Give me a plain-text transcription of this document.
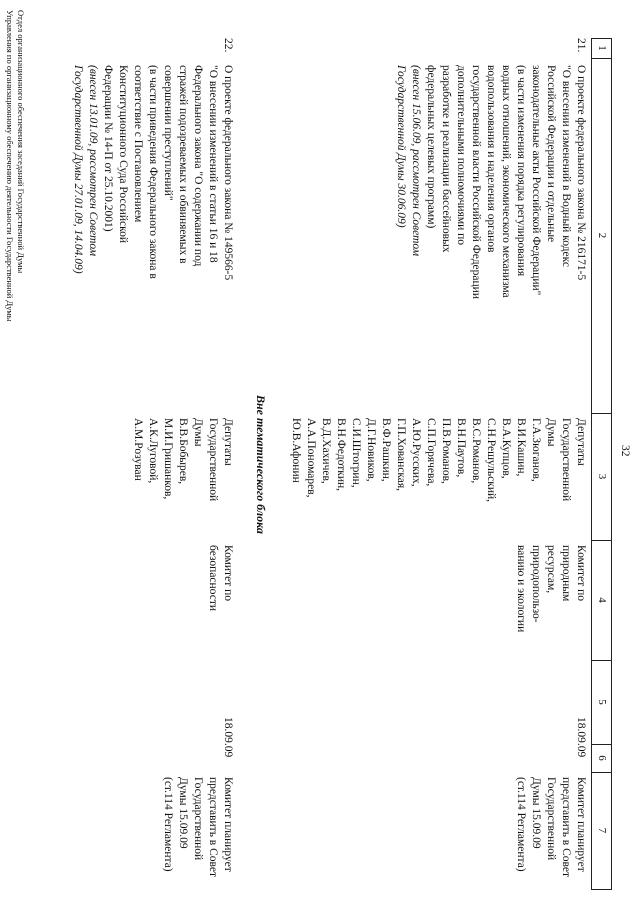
32
1
2
3
4
5
6
7
21.
О проекте федерального закона № 216171-5
"О внесении изменений в Водный кодекс
Российской Федерации и отдельные
законодательные акты Российской Федерации"
(в части изменения порядка регулирования
водных отношений, экономического механизма
водопользования и наделения органов
государственной власти Российской Федерации
дополнительными полномочиями по
разработке и реализации бассейновых
федеральных целевых программ)
(внесен 15.06.09, рассмотрен Советом
Государственной Думы 30.06.09)
Депутаты
Государственной
Думы
Г.А.Зюганов,
В.И.Кашин,
В.А.Купцов,
С.Н.Решульский,
В.С.Романов,
В.Н.Паутов,
П.В.Романов,
С.П.Горячева,
А.Ю.Русских,
Г.П.Хованская,
В.Ф.Рашкин,
Д.Г.Новиков,
С.И.Штогрин,
В.Н.Федоткин,
В.Д.Хахичев,
А.А.Пономарев,
Ю.В.Афонин
Комитет по
природным
ресурсам,
природопользо-
ванию и экологии
18.09.09
Комитет планирует
представить в Совет
Государственной
Думы 15.09.09
(ст.114 Регламента)
Вне тематического блока
22.
О проекте федерального закона № 149566-5
"О внесении изменений в статьи 16 и 18
Федерального закона "О содержании под
стражей подозреваемых и обвиняемых в
совершении преступлений"
(в части приведения Федерального закона в
соответствие с Постановлением
Конституционного Суда Российской
Федерации № 14-П от 25.10.2001)
(внесен 13.01.09, рассмотрен Советом
Государственной Думы 27.01.09, 14.04.09)
Депутаты
Государственной
Думы
В.В.Бобырев,
М.И.Гришанков,
А.К.Луговой,
А.М.Розуван
Комитет по
безопасности
18.09.09
Комитет планирует
представить в Совет
Государственной
Думы 15.09.09
(ст.114 Регламента)
Отдел организационного обеспечения заседаний Государственной Думы
Управления по организационному обеспечению деятельности Государственной Думы
